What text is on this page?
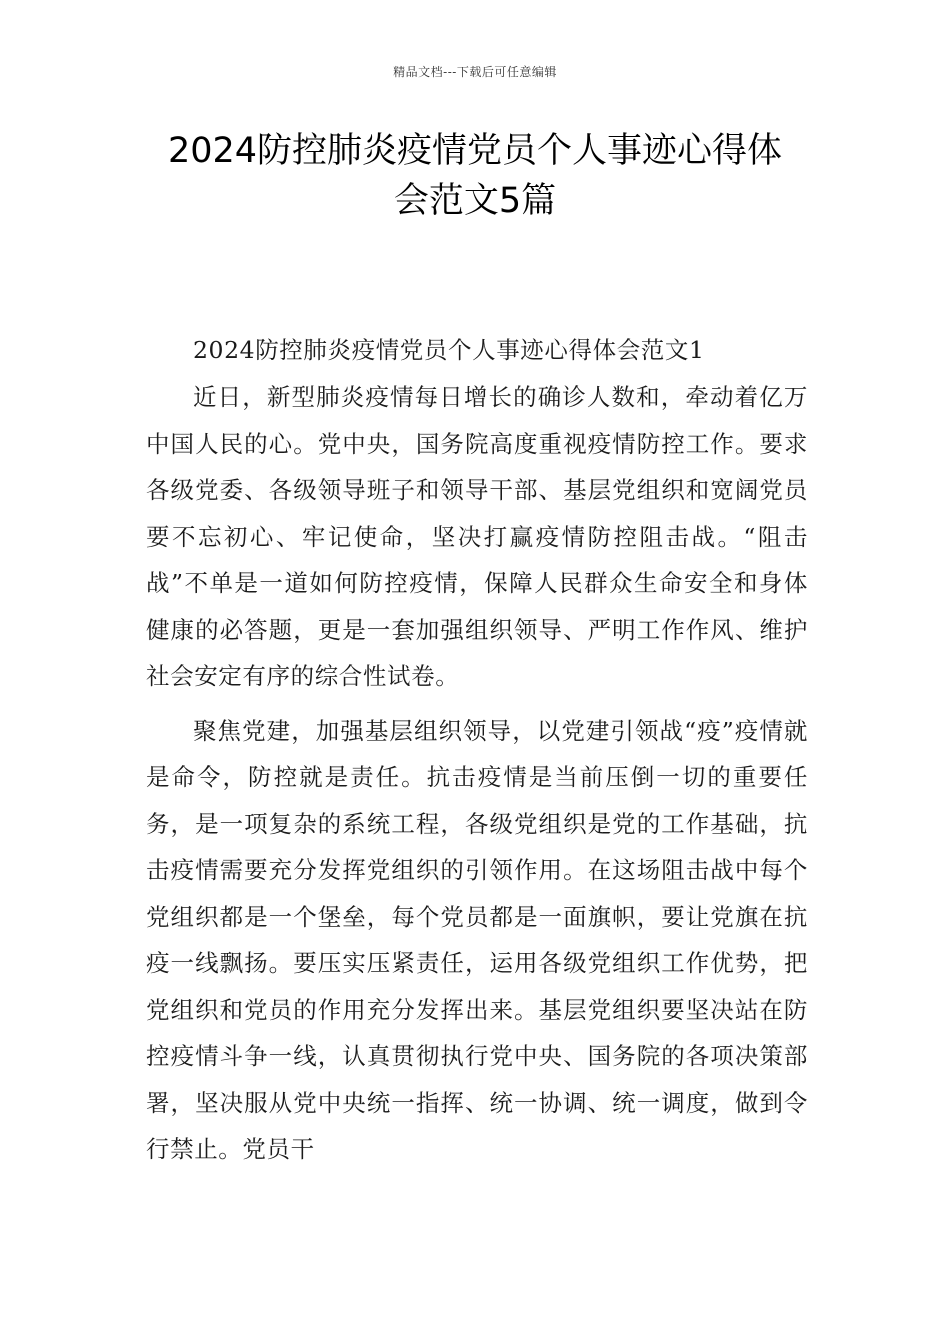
精品文档---下载后可任意编辑
2024防控肺炎疫情党员个人事迹心得体
会范文5篇

2024防控肺炎疫情党员个人事迹心得体会范文1

近日，新型肺炎疫情每日增长的确诊人数和，牵动着亿万中国人民的心。党中央，国务院高度重视疫情防控工作。要求各级党委、各级领导班子和领导干部、基层党组织和宽阔党员要不忘初心、牢记使命，坚决打赢疫情防控阻击战。“阻击战”不单是一道如何防控疫情，保障人民群众生命安全和身体健康的必答题，更是一套加强组织领导、严明工作作风、维护社会安定有序的综合性试卷。

聚焦党建，加强基层组织领导，以党建引领战“疫”疫情就是命令，防控就是责任。抗击疫情是当前压倒一切的重要任务，是一项复杂的系统工程，各级党组织是党的工作基础，抗击疫情需要充分发挥党组织的引领作用。在这场阻击战中每个党组织都是一个堡垒，每个党员都是一面旗帜，要让党旗在抗疫一线飘扬。要压实压紧责任，运用各级党组织工作优势，把党组织和党员的作用充分发挥出来。基层党组织要坚决站在防控疫情斗争一线，认真贯彻执行党中央、国务院的各项决策部署，坚决服从党中央统一指挥、统一协调、统一调度，做到令行禁止。党员干
